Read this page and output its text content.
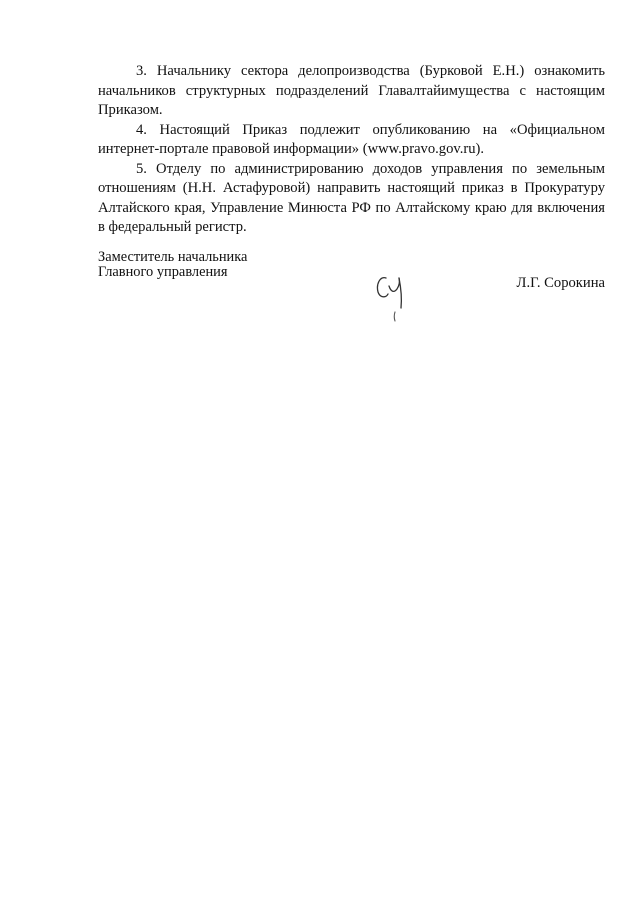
3. Начальнику сектора делопроизводства (Бурковой Е.Н.) ознакомить начальников структурных подразделений Главалтайимущества с настоящим Приказом.

4. Настоящий Приказ подлежит опубликованию на «Официальном интернет-портале правовой информации» (www.pravo.gov.ru).

5. Отделу по администрированию доходов управления по земельным отношениям (Н.Н. Астафуровой) направить настоящий приказ в Прокуратуру Алтайского края, Управление Минюста РФ по Алтайскому краю для включения в федеральный регистр.

Заместитель начальника
Главного управления
Л.Г. Сорокина
